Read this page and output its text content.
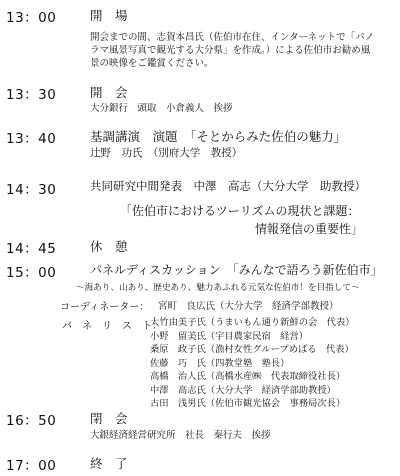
13：00	開　場
開会までの間、志賀本昌氏（佐伯市在住、インターネットで「パノ
ラマ風景写真で観光する大分県」を作成。）による佐伯市お勧め風
景の映像をご鑑賞ください。
13：30	開　会
大分銀行　頭取　小倉義人　挨拶
13：40	基調講演　演題　「そとからみた佐伯の魅力」
辻野　功氏　（別府大学　教授）
14：30	共同研究中間発表　中澤　高志（大分大学　助教授）
「佐伯市におけるツーリズムの現状と課題：
情報発信の重要性」
14：45	休　憩
15：00	パネルディスカッション　「みんなで語ろう新佐伯市」
～海あり、山あり、歴史あり、魅力あふれる元気な佐伯市！を目指して～
コーディネーター： 宮町　良広氏（大分大学　経済学部教授）
パ　ネ　リ　ス　ト：
大竹由美子氏（うまいもん通り新鮮の会　代表）
小野　留美氏（宇目農家民宿　経営）
桑原　政子氏（漁村女性グループめばる　代表）
佐藤　巧　氏（四教堂塾　塾長）
高橋　治人氏（高橋水産㈱　代表取締役社長）
中澤　高志氏（大分大学　経済学部助教授）
古田　浅男氏（佐伯市観光協会　事務局次長）
16：50	閉　会
大銀経済経営研究所　社長　秦行夫　挨拶
17：00	終　了
